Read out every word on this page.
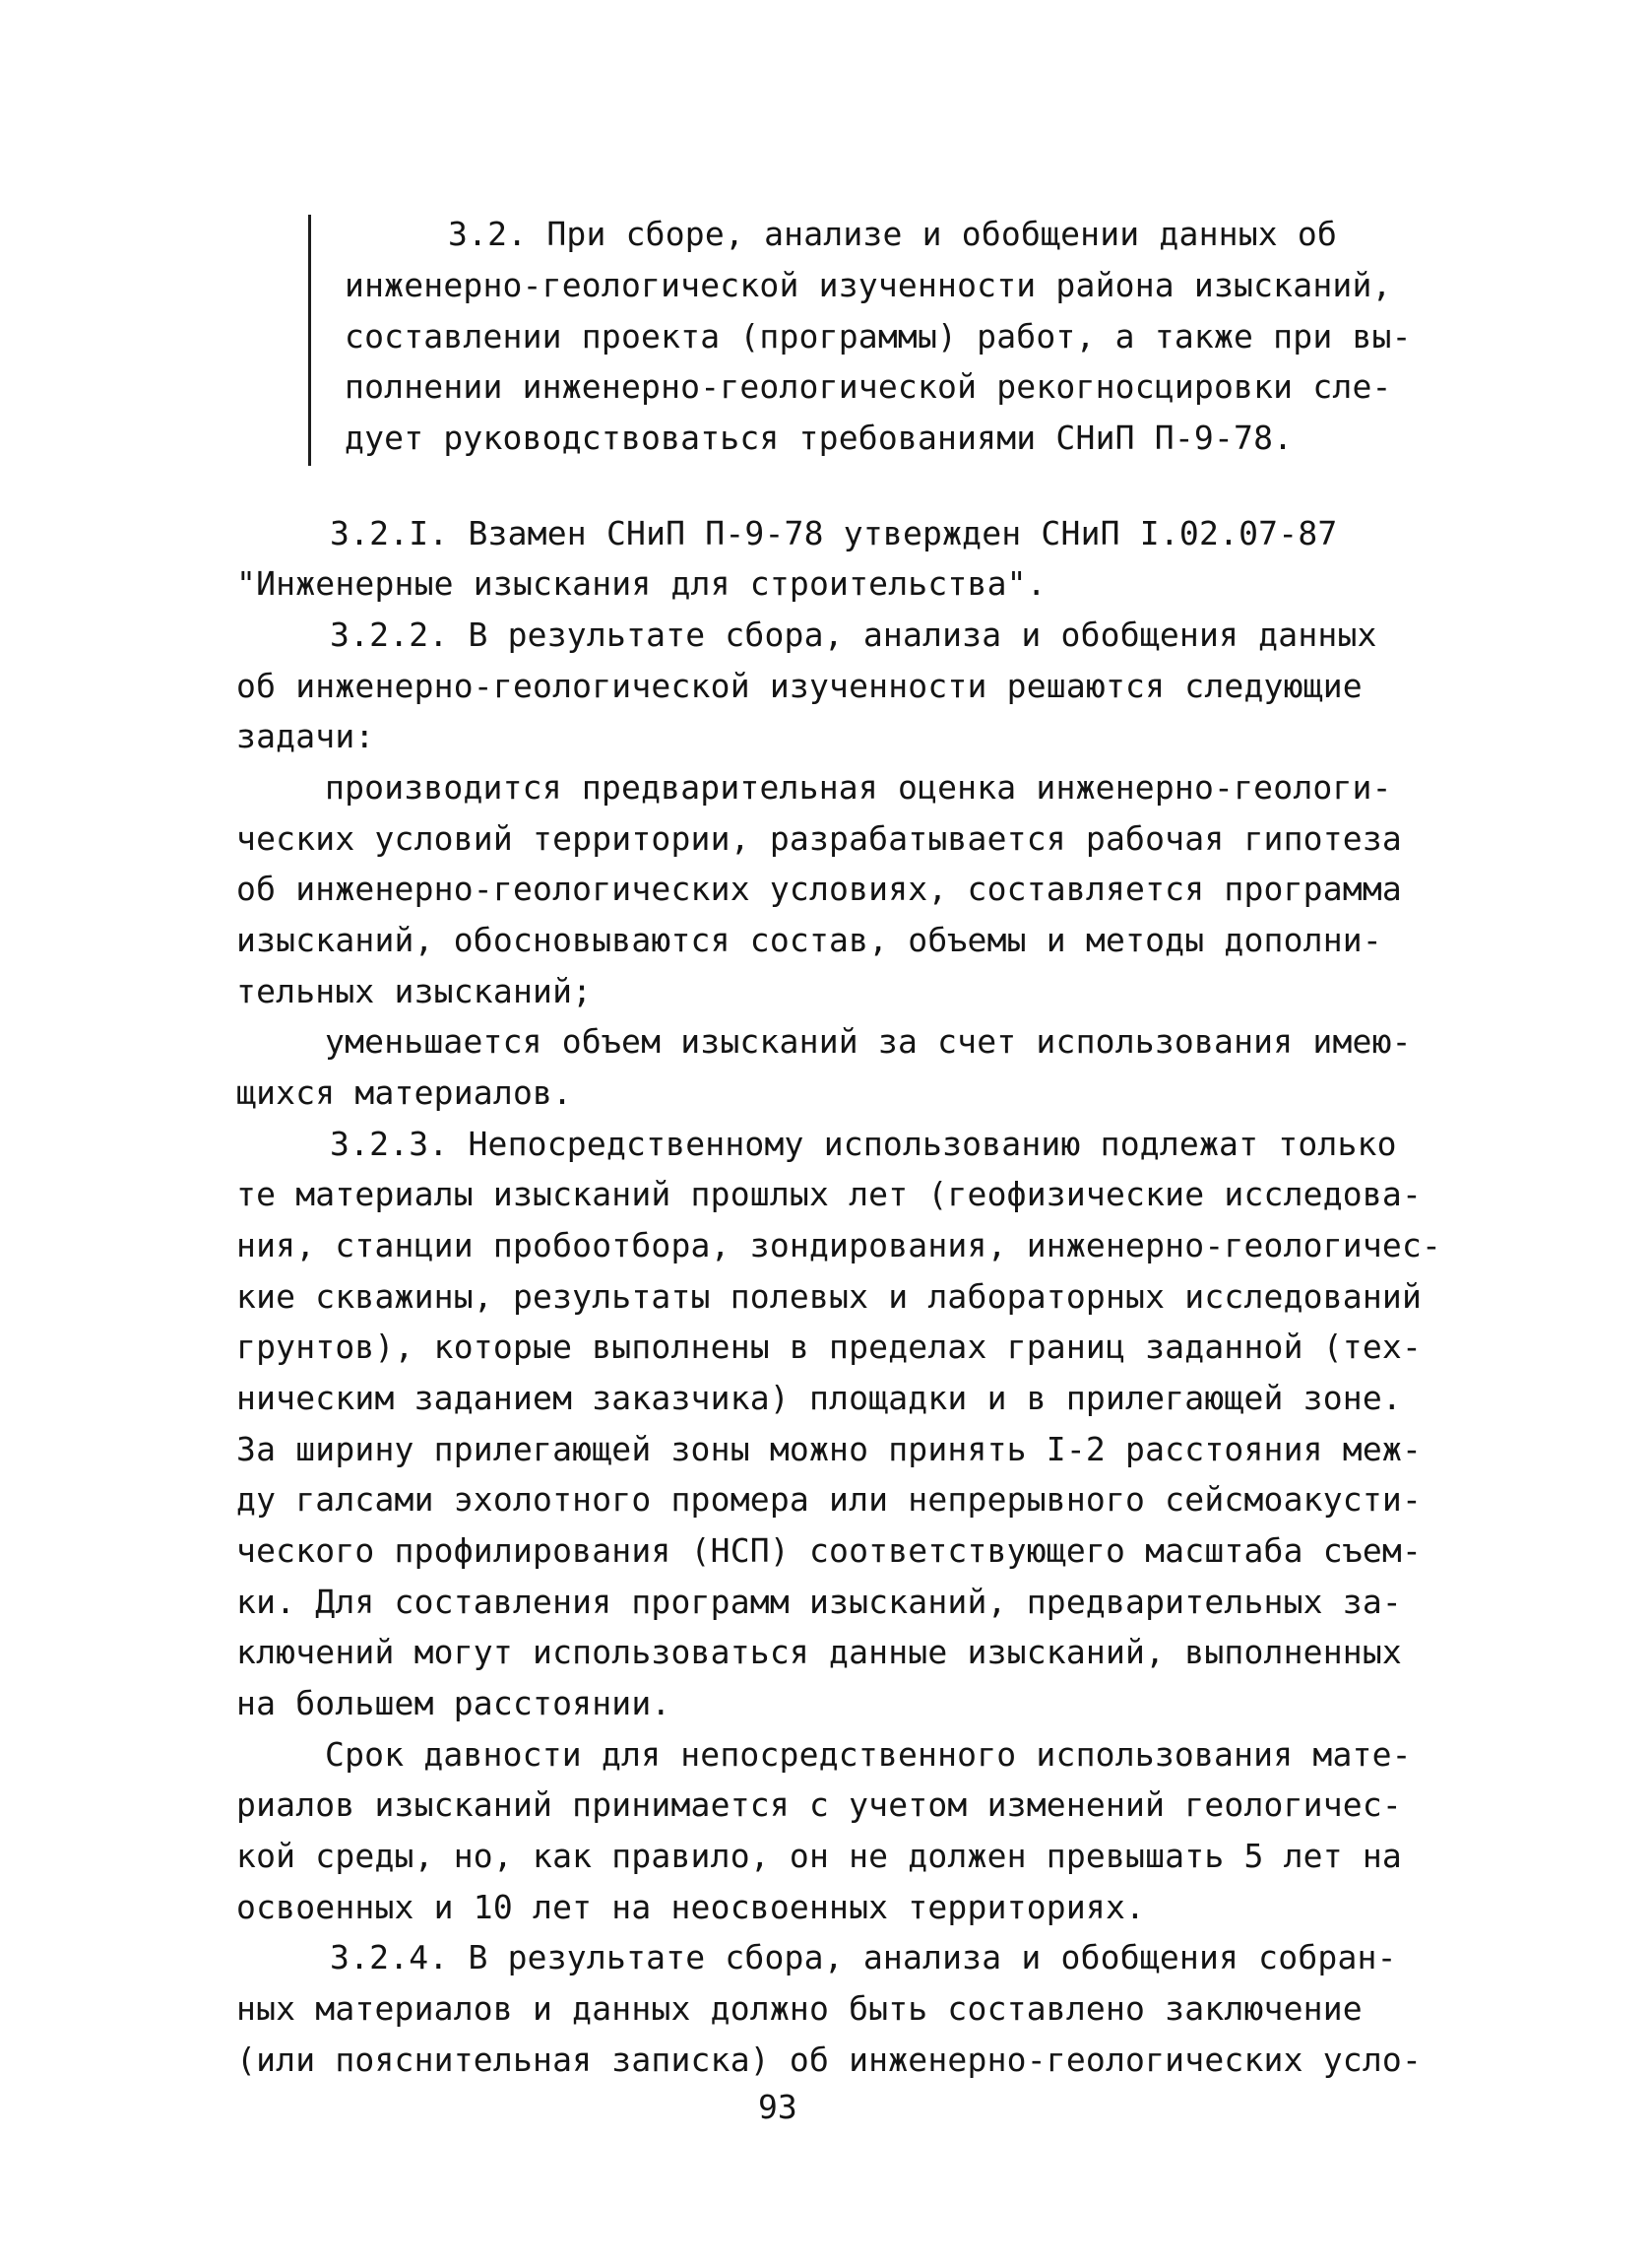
3.2. При сборе, анализе и обобщении данных об
инженерно-геологической изученности района изысканий,
составлении проекта (программы) работ, а также при вы-
полнении инженерно-геологической рекогносцировки сле-
дует руководствоваться требованиями СНиП П-9-78.
3.2.I. Взамен СНиП П-9-78 утвержден СНиП I.02.07-87
"Инженерные изыскания для строительства".
3.2.2. В результате сбора, анализа и обобщения данных
об инженерно-геологической изученности решаются следующие
задачи:
производится предварительная оценка инженерно-геологи-
ческих условий территории, разрабатывается рабочая гипотеза
об инженерно-геологических условиях, составляется программа
изысканий, обосновываются состав, объемы и методы дополни-
тельных изысканий;
уменьшается объем изысканий за счет использования имею-
щихся материалов.
3.2.3. Непосредственному использованию подлежат только
те материалы изысканий прошлых лет (геофизические исследова-
ния, станции пробоотбора, зондирования, инженерно-геологичес-
кие скважины, результаты полевых и лабораторных исследований
грунтов), которые выполнены в пределах границ заданной (тех-
ническим заданием заказчика) площадки и в прилегающей зоне.
За ширину прилегающей зоны можно принять I-2 расстояния меж-
ду галсами эхолотного промера или непрерывного сейсмоакусти-
ческого профилирования (НСП) соответствующего масштаба съем-
ки. Для составления программ изысканий, предварительных за-
ключений могут использоваться данные изысканий, выполненных
на большем расстоянии.
Срок давности для непосредственного использования мате-
риалов изысканий принимается с учетом изменений геологичес-
кой среды, но, как правило, он не должен превышать 5 лет на
освоенных и 10 лет на неосвоенных территориях.
3.2.4. В результате сбора, анализа и обобщения собран-
ных материалов и данных должно быть составлено заключение
(или пояснительная записка) об инженерно-геологических усло-
93
